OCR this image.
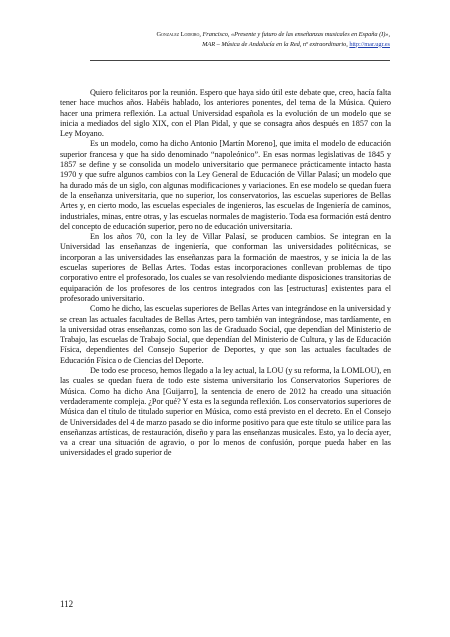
Gonzalez Lodeiro, Francisco, «Presente y futuro de las enseñanzas musicales en España (I)»,
MAR – Música de Andalucía en la Red, nº extraordinario, http://mar.ugr.es

Quiero felicitaros por la reunión. Espero que haya sido útil este debate que, creo, hacía falta tener hace muchos años. Habéis hablado, los anteriores ponentes, del tema de la Música. Quiero hacer una primera reflexión. La actual Universidad española es la evolución de un modelo que se inicia a mediados del siglo XIX, con el Plan Pidal, y que se consagra años después en 1857 con la Ley Moyano.

Es un modelo, como ha dicho Antonio [Martín Moreno], que imita el modelo de educación superior francesa y que ha sido denominado “napoleónico”. En esas normas legislativas de 1845 y 1857 se define y se consolida un modelo universitario que permanece prácticamente intacto hasta 1970 y que sufre algunos cambios con la Ley General de Educación de Villar Palasí; un modelo que ha durado más de un siglo, con algunas modificaciones y variaciones. En ese modelo se quedan fuera de la enseñanza universitaria, que no superior, los conservatorios, las escuelas superiores de Bellas Artes y, en cierto modo, las escuelas especiales de ingenieros, las escuelas de Ingeniería de caminos, industriales, minas, entre otras, y las escuelas normales de magisterio. Toda esa formación está dentro del concepto de educación superior, pero no de educación universitaria.

En los años 70, con la ley de Villar Palasí, se producen cambios. Se integran en la Universidad las enseñanzas de ingeniería, que conforman las universidades politécnicas, se incorporan a las universidades las enseñanzas para la formación de maestros, y se inicia la de las escuelas superiores de Bellas Artes. Todas estas incorporaciones conllevan problemas de tipo corporativo entre el profesorado, los cuales se van resolviendo mediante disposiciones transitorias de equiparación de los profesores de los centros integrados con las [estructuras] existentes para el profesorado universitario.

Como he dicho, las escuelas superiores de Bellas Artes van integrándose en la universidad y se crean las actuales facultades de Bellas Artes, pero también van integrándose, mas tardíamente, en la universidad otras enseñanzas, como son las de Graduado Social, que dependían del Ministerio de Trabajo, las escuelas de Trabajo Social, que dependían del Ministerio de Cultura, y las de Educación Física, dependientes del Consejo Superior de Deportes, y que son las actuales facultades de Educación Física o de Ciencias del Deporte.

De todo ese proceso, hemos llegado a la ley actual, la LOU (y su reforma, la LOMLOU), en las cuales se quedan fuera de todo este sistema universitario los Conservatorios Superiores de Música. Como ha dicho Ana [Guijarro], la sentencia de enero de 2012 ha creado una situación verdaderamente compleja. ¿Por qué? Y esta es la segunda reflexión. Los conservatorios superiores de Música dan el título de titulado superior en Música, como está previsto en el decreto. En el Consejo de Universidades del 4 de marzo pasado se dio informe positivo para que este título se utilice para las enseñanzas artísticas, de restauración, diseño y para las enseñanzas musicales. Esto, ya lo decía ayer, va a crear una situación de agravio, o por lo menos de confusión, porque pueda haber en las universidades el grado superior de

112
